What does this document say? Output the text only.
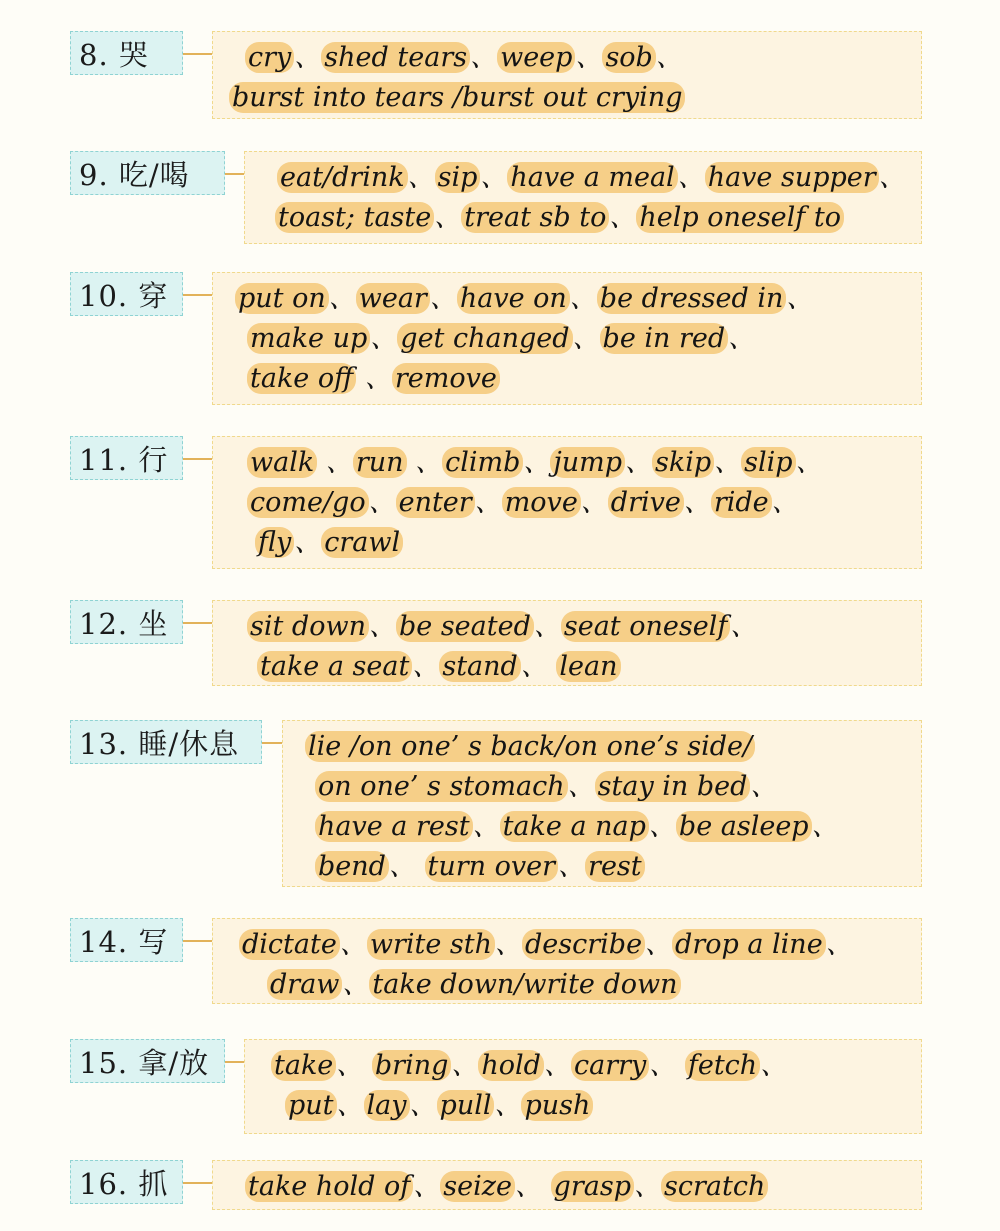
8. 哭	cry 、 shed tears 、 weep 、 sob 、
burst into tears /burst out crying
9. 吃/喝	eat/drink 、 sip 、 have a meal 、 have supper 、
toast; taste 、 treat sb to 、 help oneself to
10. 穿	put on 、 wear 、 have on 、 be dressed in 、
make up 、 get changed 、 be in red 、
take off 、 remove
11. 行	walk 、 run 、 climb 、 jump 、 skip 、 slip 、
come/go 、 enter 、 move 、 drive 、 ride 、
fly 、 crawl
12. 坐	sit down 、 be seated 、 seat oneself 、
take a seat 、 stand 、 lean
13. 睡/休息	lie /on one’ s back/on one’s side/
on one’ s stomach 、 stay in bed 、
have a rest 、 take a nap 、 be asleep 、
bend 、 turn over 、 rest
14. 写	dictate 、 write sth 、 describe 、 drop a line 、
draw 、 take down/write down
15. 拿/放	take 、 bring 、 hold 、 carry 、 fetch 、
put 、 lay 、 pull 、 push
16. 抓	take hold of 、 seize 、 grasp 、 scratch
